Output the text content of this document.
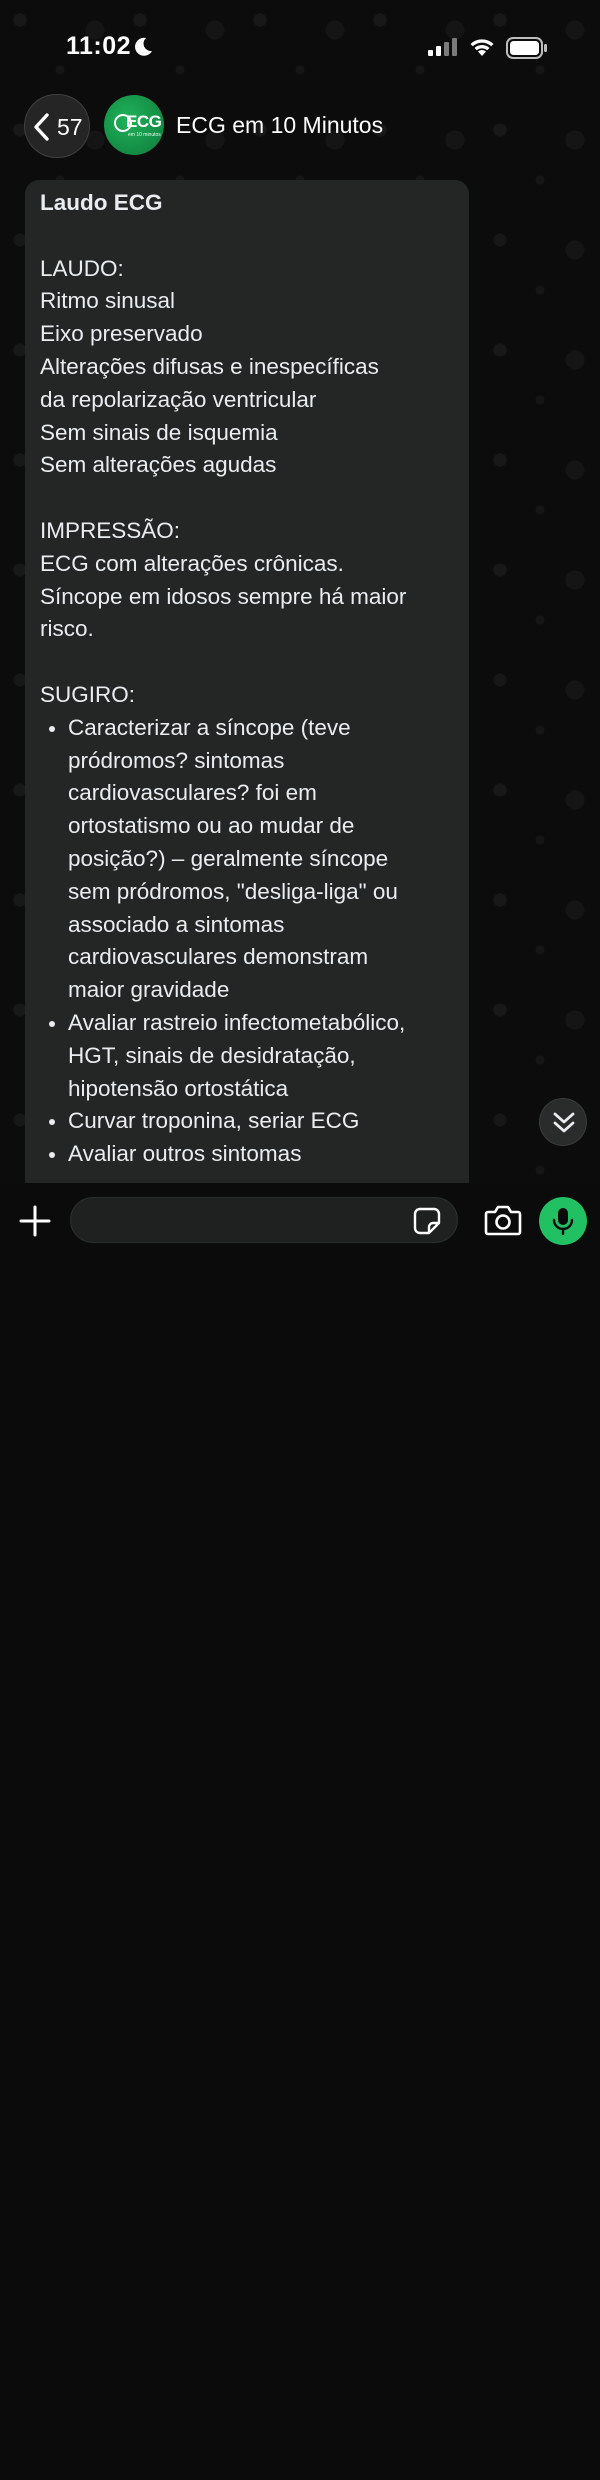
11:02
57	ECG
em 10 minutos ECG em 10 Minutos
Laudo ECG
LAUDO:
Ritmo sinusal
Eixo preservado
Alterações difusas e inespecíficas
da repolarização ventricular
Sem sinais de isquemia
Sem alterações agudas
IMPRESSÃO:
ECG com alterações crônicas.
Síncope em idosos sempre há maior
risco.
SUGIRO:
Caracterizar a síncope (teve
pródromos? sintomas
cardiovasculares? foi em
ortostatismo ou ao mudar de
posição?) – geralmente síncope
sem pródromos, "desliga-liga" ou
associado a sintomas
cardiovasculares demonstram
maior gravidade
Avaliar rastreio infectometabólico,
HGT, sinais de desidratação,
hipotensão ortostática
Curvar troponina, seriar ECG
Avaliar outros sintomas
